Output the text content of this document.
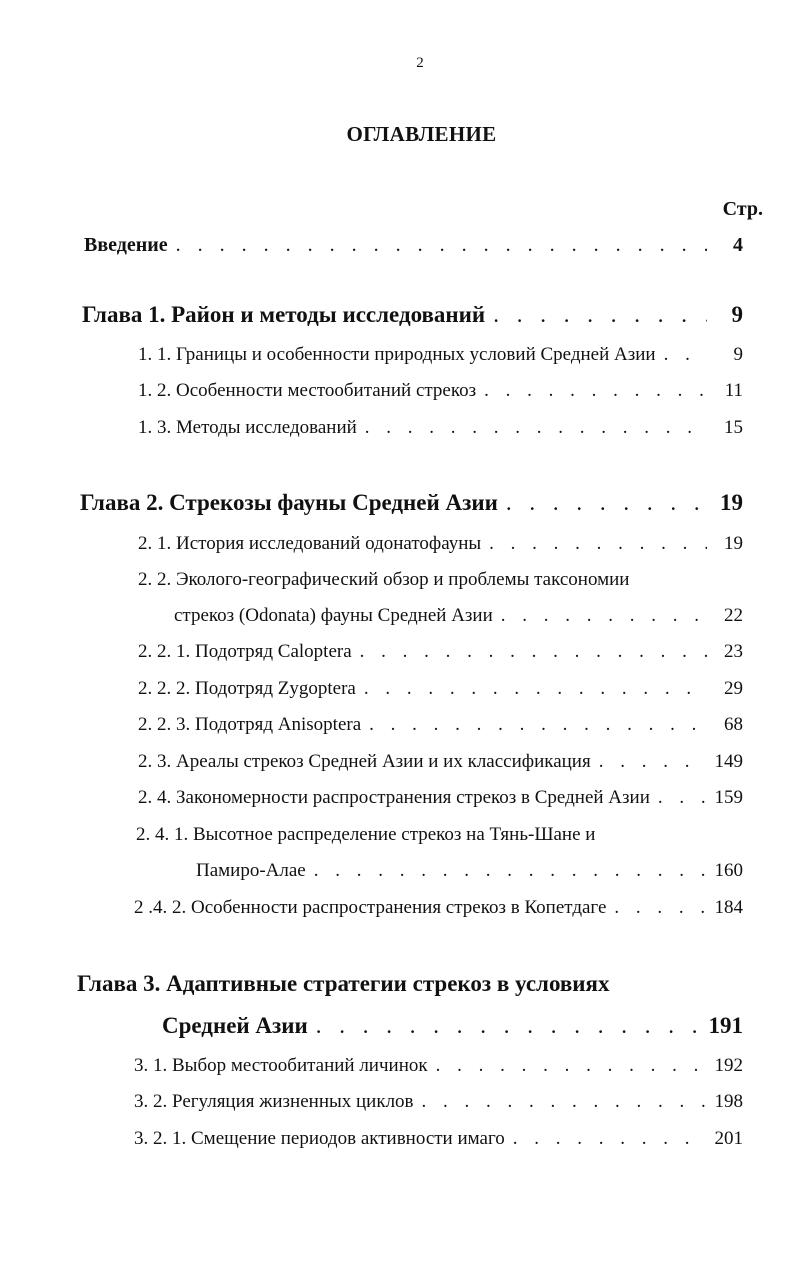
2
ОГЛАВЛЕНИЕ
Стр.
Введение . . .	4
Глава 1. Район и методы исследований . . .	9
1. 1. Границы и особенности природных условий Средней Азии . . .	9
1. 2. Особенности местообитаний стрекоз . . .	11
1. 3. Методы исследований . . .	15
Глава 2. Стрекозы фауны Средней Азии . . .	19
2. 1. История исследований одонатофауны . . .	19
2. 2. Эколого-географический обзор и проблемы таксономии
стрекоз (Odonata) фауны Средней Азии . . .	22
2. 2. 1. Подотряд Caloptera . . .	23
2. 2. 2. Подотряд Zygoptera . . .	29
2. 2. 3. Подотряд Anisoptera . . .	68
2. 3. Ареалы стрекоз Средней Азии и их классификация . . .	149
2. 4. Закономерности распространения стрекоз в Средней Азии . . .	159
2. 4. 1. Высотное распределение стрекоз на Тянь-Шане и
Памиро-Алае . . .	160
2 .4. 2. Особенности распространения стрекоз в Копетдаге . . .	184
Глава 3. Адаптивные стратегии стрекоз в условиях
Средней Азии . . .	191
3. 1. Выбор местообитаний личинок . . .	192
3. 2. Регуляция жизненных циклов . . .	198
3. 2. 1. Смещение периодов активности имаго . . .	201
